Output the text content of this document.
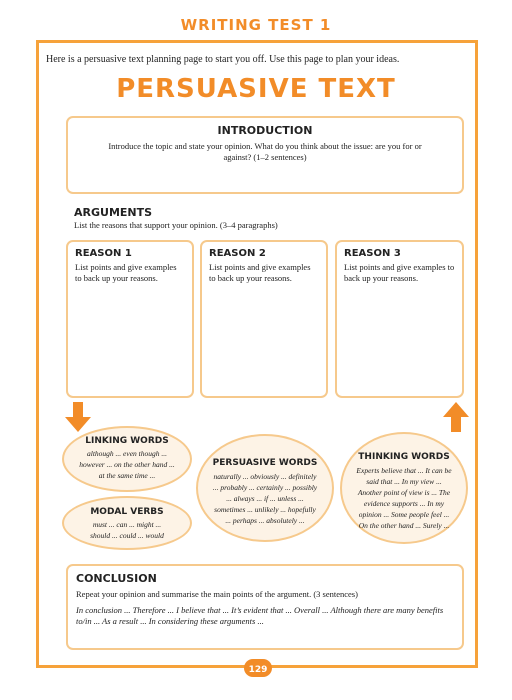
WRITING TEST 1
Here is a persuasive text planning page to start you off. Use this page to plan your ideas.
PERSUASIVE TEXT
INTRODUCTION
Introduce the topic and state your opinion. What do you think about the issue: are you for or against? (1–2 sentences)
ARGUMENTS
List the reasons that support your opinion. (3–4 paragraphs)
REASON 1
List points and give examples to back up your reasons.
REASON 2
List points and give examples to back up your reasons.
REASON 3
List points and give examples to back up your reasons.
LINKING WORDS
although ... even though ... however ... on the other hand ... at the same time ...
MODAL VERBS
must ... can ... might ... should ... could ... would
PERSUASIVE WORDS
naturally ... obviously ... definitely ... probably ... certainly ... possibly ... always ... if ... unless ... sometimes ... unlikely ... hopefully ... perhaps ... absolutely ...
THINKING WORDS
Experts believe that ... It can be said that ... In my view ... Another point of view is ... The evidence supports ... In my opinion ... Some people feel ... On the other hand ... Surely ...
CONCLUSION
Repeat your opinion and summarise the main points of the argument. (3 sentences)
In conclusion ... Therefore ... I believe that ... It’s evident that ... Overall ... Although there are many benefits to/in ... As a result ... In considering these arguments ...
129
